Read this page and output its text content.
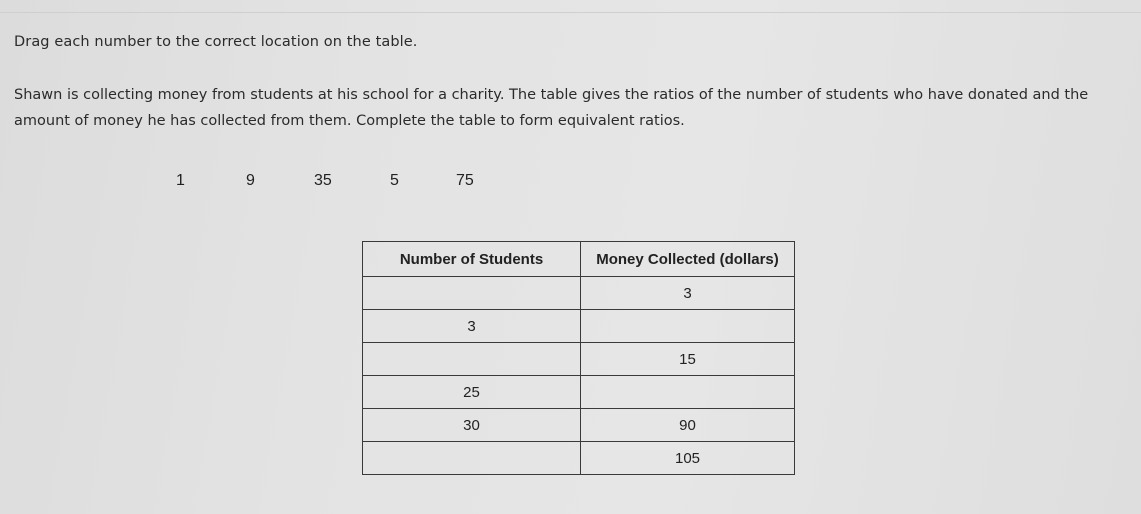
Drag each number to the correct location on the table.
Shawn is collecting money from students at his school for a charity. The table gives the ratios of the number of students who have donated and the amount of money he has collected from them. Complete the table to form equivalent ratios.
1	9	35	5	75
Number of Students	Money Collected (dollars)
	3
3	
	15
25	
30	90
	105
